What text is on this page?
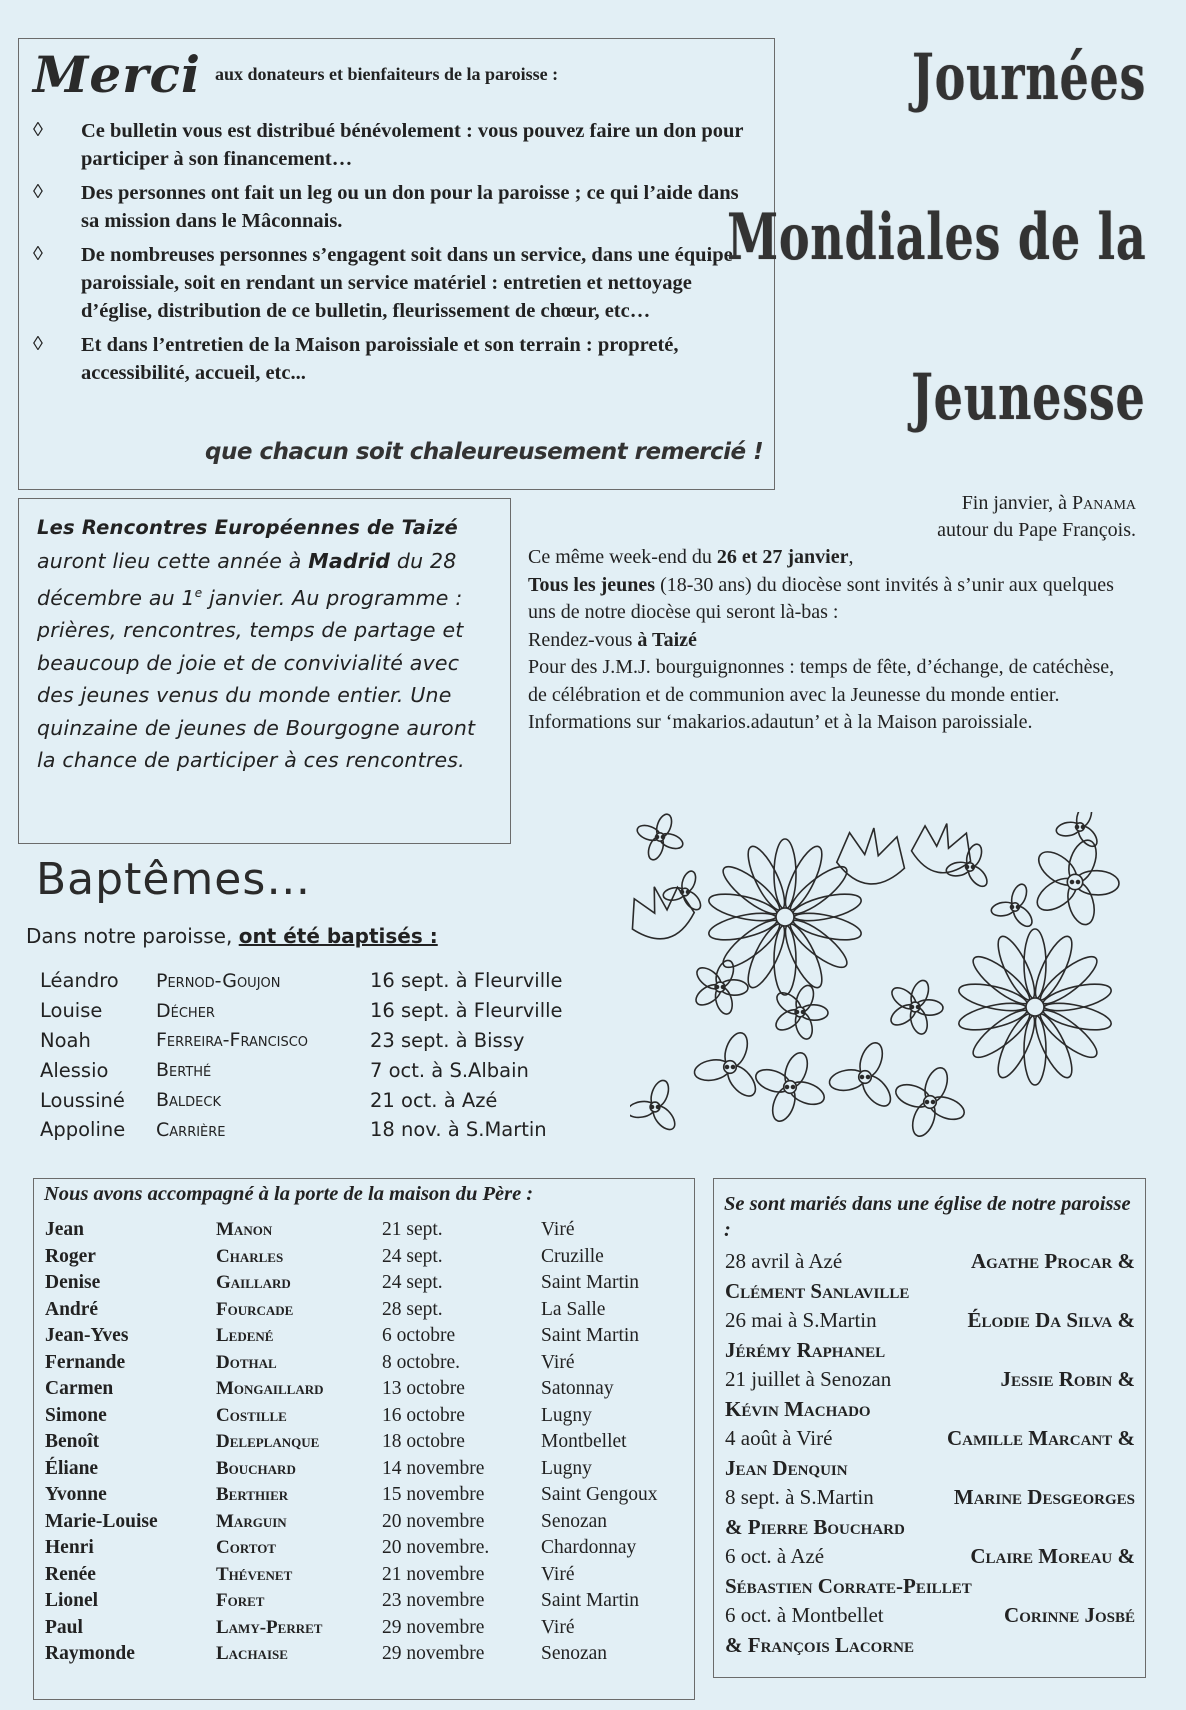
Merci aux donateurs et bienfaiteurs de la paroisse :
◊ Ce bulletin vous est distribué bénévolement : vous pouvez faire un don pour participer à son financement…
◊ Des personnes ont fait un leg ou un don pour la paroisse ; ce qui l’aide dans sa mission dans le Mâconnais.
◊ De nombreuses personnes s’engagent soit dans un service, dans une équipe paroissiale, soit en rendant un service matériel : entretien et nettoyage d’église, distribution de ce bulletin, fleurissement de chœur, etc…
◊ Et dans l’entretien de la Maison paroissiale et son terrain : propreté, accessibilité, accueil, etc...
que chacun soit chaleureusement remercié !
Journées
Mondiales de la
Jeunesse
Fin janvier, à Panama
autour du Pape François.
Ce même week-end du 26 et 27 janvier,
Tous les jeunes (18-30 ans) du diocèse sont invités à s’unir aux quelques uns de notre diocèse qui seront là-bas :
Rendez-vous à Taizé
Pour des J.M.J. bourguignonnes : temps de fête, d’échange, de catéchèse, de célébration et de communion avec la Jeunesse du monde entier.
Informations sur ‘makarios.adautun’ et à la Maison paroissiale.
Les Rencontres Européennes de Taizé auront lieu cette année à Madrid du 28 décembre au 1e janvier. Au programme : prières, rencontres, temps de partage et beaucoup de joie et de convivialité avec des jeunes venus du monde entier. Une quinzaine de jeunes de Bourgogne auront la chance de participer à ces rencontres.
Baptêmes…
Dans notre paroisse, ont été baptisés :
Léandro	Pernod-Goujon	16 sept. à Fleurville
Louise	Décher	16 sept. à Fleurville
Noah	Ferreira-Francisco	23 sept. à Bissy
Alessio	Berthé	7 oct. à S.Albain
Loussiné	Baldeck	21 oct. à Azé
Appoline	Carrière	18 nov. à S.Martin
Nous avons accompagné à la porte de la maison du Père :
Jean	Manon	21 sept.	Viré
Roger	Charles	24 sept.	Cruzille
Denise	Gaillard	24 sept.	Saint Martin
André	Fourcade	28 sept.	La Salle
Jean-Yves	Ledené	6 octobre	Saint Martin
Fernande	Dothal	8 octobre.	Viré
Carmen	Mongaillard	13 octobre	Satonnay
Simone	Costille	16 octobre	Lugny
Benoît	Deleplanque	18 octobre	Montbellet
Éliane	Bouchard	14 novembre	Lugny
Yvonne	Berthier	15 novembre	Saint Gengoux
Marie-Louise	Marguin	20 novembre	Senozan
Henri	Cortot	20 novembre.	Chardonnay
Renée	Thévenet	21 novembre	Viré
Lionel	Foret	23 novembre	Saint Martin
Paul	Lamy-Perret	29 novembre	Viré
Raymonde	Lachaise	29 novembre	Senozan
Se sont mariés dans une église de notre paroisse :
28 avril à Azé	Agathe Procar &
Clément Sanlaville
26 mai à S.Martin	Élodie Da Silva &
Jérémy Raphanel
21 juillet à Senozan	Jessie Robin &
Kévin Machado
4 août à Viré	Camille Marcant &
Jean Denquin
8 sept. à S.Martin	Marine Desgeorges
& Pierre Bouchard
6 oct. à Azé	Claire Moreau &
Sébastien Corrate-Peillet
6 oct. à Montbellet	Corinne Josbé
& François Lacorne
